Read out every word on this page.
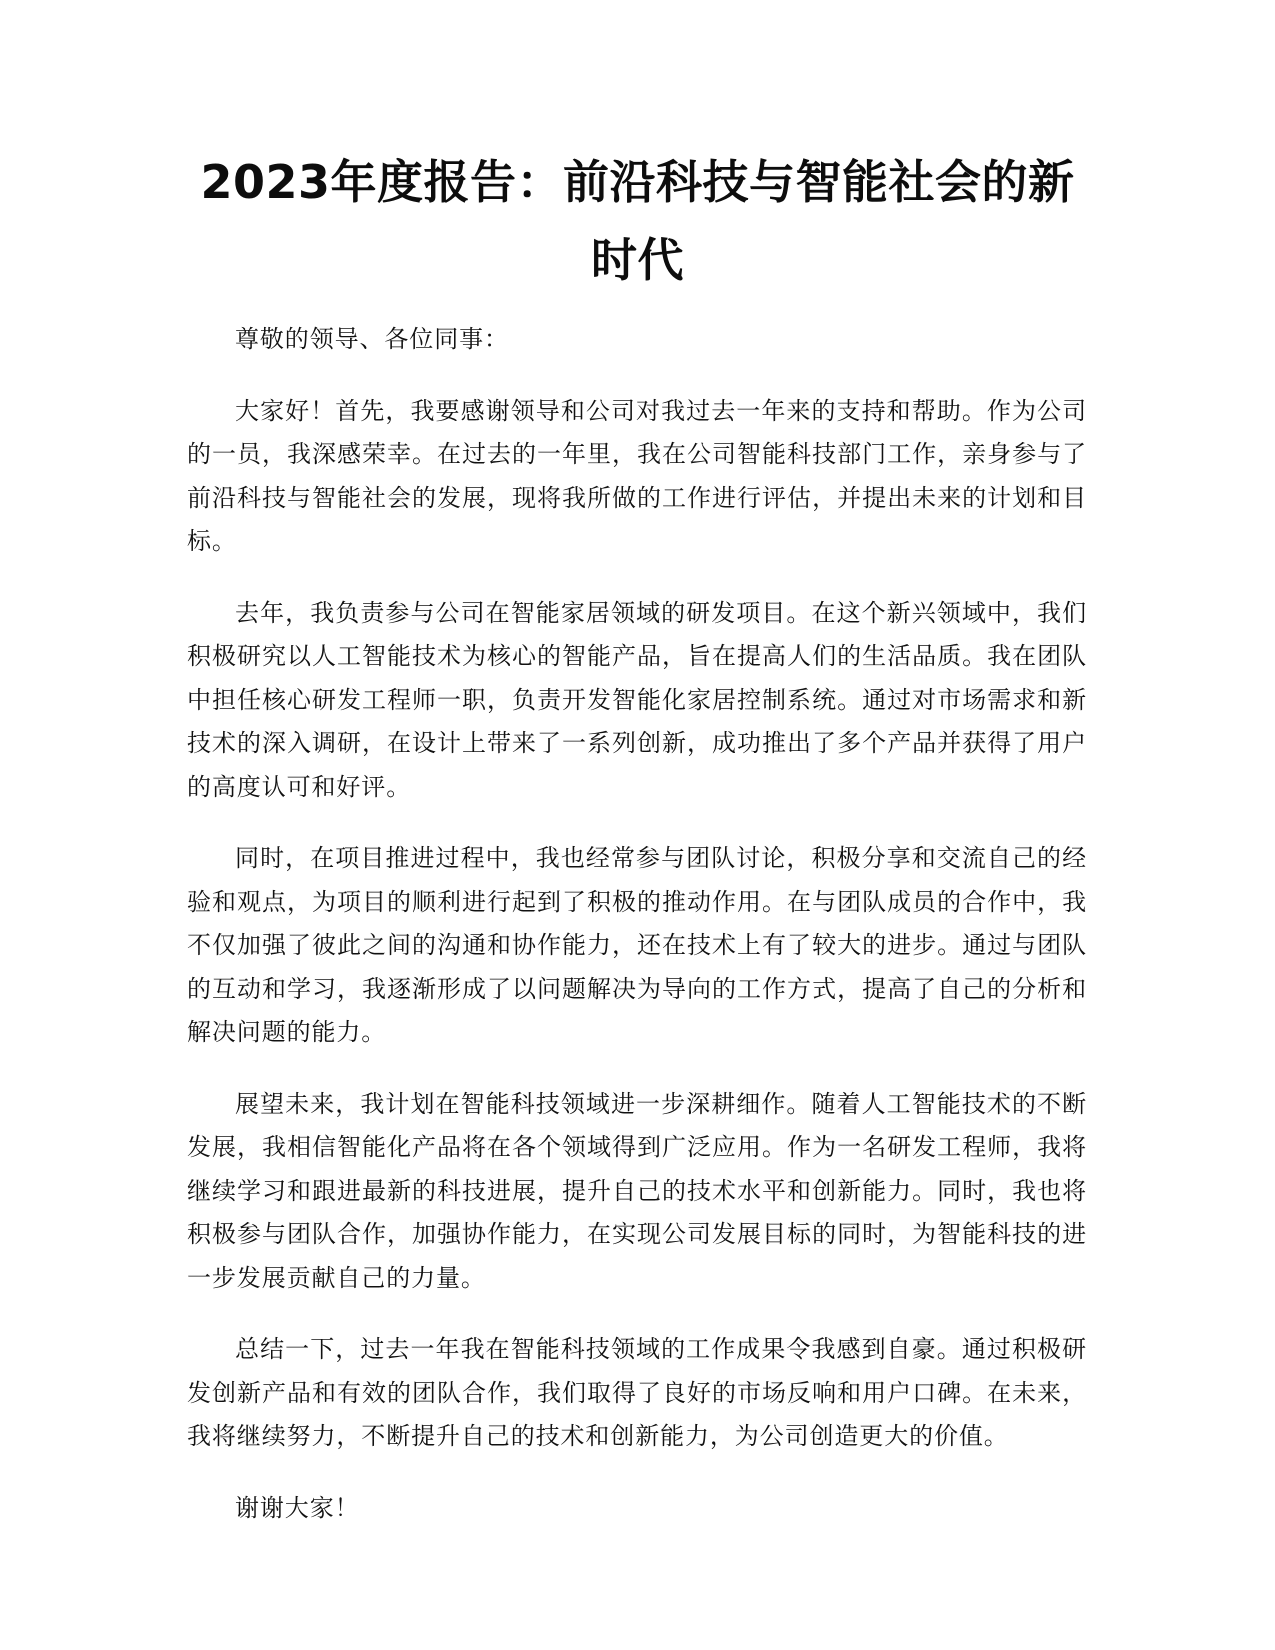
2023年度报告：前沿科技与智能社会的新时代

尊敬的领导、各位同事：

大家好！首先，我要感谢领导和公司对我过去一年来的支持和帮助。作为公司的一员，我深感荣幸。在过去的一年里，我在公司智能科技部门工作，亲身参与了前沿科技与智能社会的发展，现将我所做的工作进行评估，并提出未来的计划和目标。

去年，我负责参与公司在智能家居领域的研发项目。在这个新兴领域中，我们积极研究以人工智能技术为核心的智能产品，旨在提高人们的生活品质。我在团队中担任核心研发工程师一职，负责开发智能化家居控制系统。通过对市场需求和新技术的深入调研，在设计上带来了一系列创新，成功推出了多个产品并获得了用户的高度认可和好评。

同时，在项目推进过程中，我也经常参与团队讨论，积极分享和交流自己的经验和观点，为项目的顺利进行起到了积极的推动作用。在与团队成员的合作中，我不仅加强了彼此之间的沟通和协作能力，还在技术上有了较大的进步。通过与团队的互动和学习，我逐渐形成了以问题解决为导向的工作方式，提高了自己的分析和解决问题的能力。

展望未来，我计划在智能科技领域进一步深耕细作。随着人工智能技术的不断发展，我相信智能化产品将在各个领域得到广泛应用。作为一名研发工程师，我将继续学习和跟进最新的科技进展，提升自己的技术水平和创新能力。同时，我也将积极参与团队合作，加强协作能力，在实现公司发展目标的同时，为智能科技的进一步发展贡献自己的力量。

总结一下，过去一年我在智能科技领域的工作成果令我感到自豪。通过积极研发创新产品和有效的团队合作，我们取得了良好的市场反响和用户口碑。在未来，我将继续努力，不断提升自己的技术和创新能力，为公司创造更大的价值。

谢谢大家！
